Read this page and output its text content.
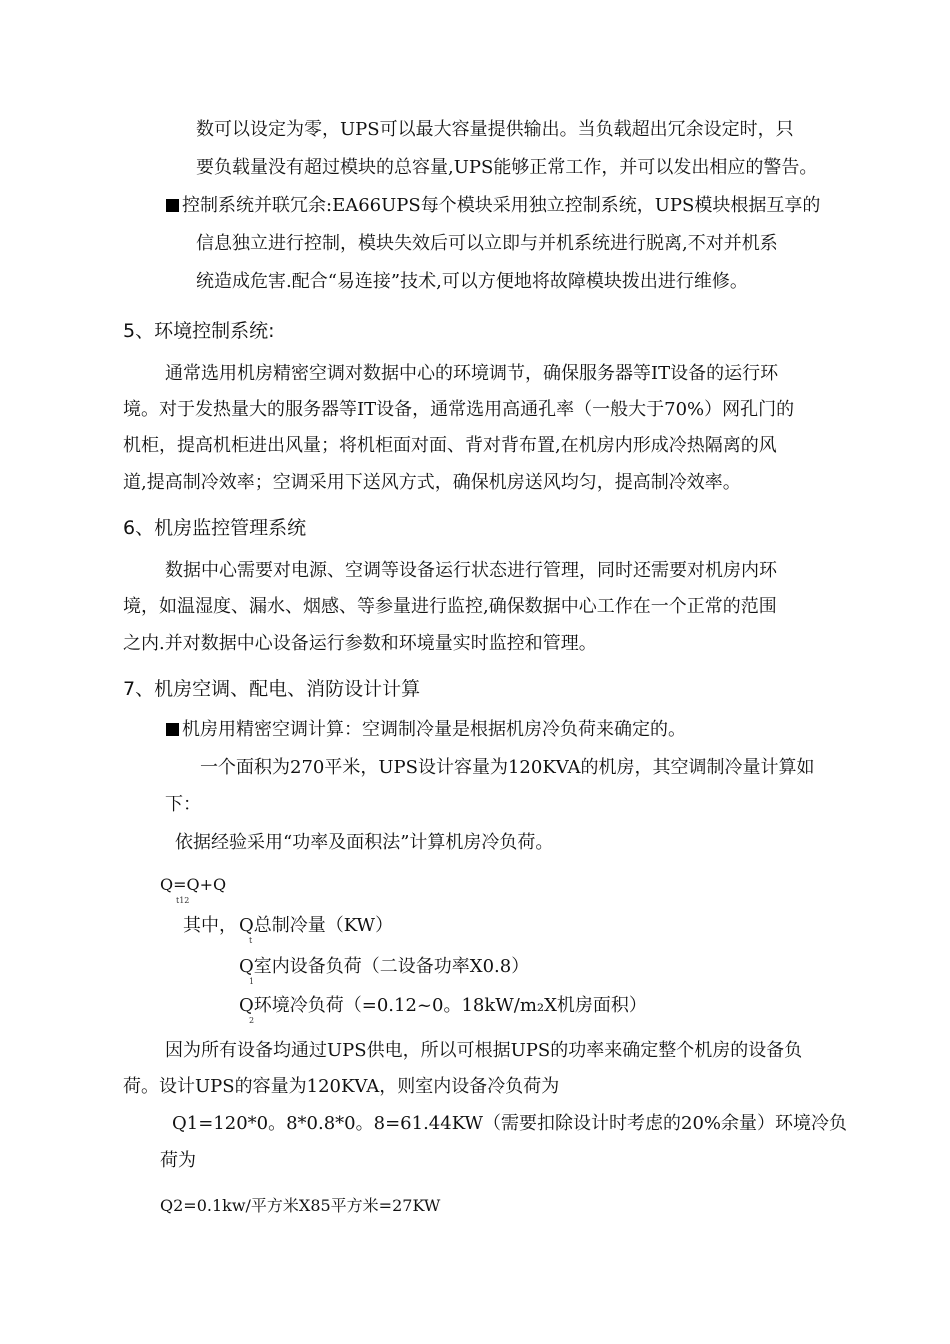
数可以设定为零，UPS可以最大容量提供输出。当负载超出冗余设定时，只
要负载量没有超过模块的总容量,UPS能够正常工作，并可以发出相应的警告。
控制系统并联冗余:EA66UPS每个模块采用独立控制系统，UPS模块根据互享的
信息独立进行控制，模块失效后可以立即与并机系统进行脱离,不对并机系
统造成危害.配合“易连接”技术,可以方便地将故障模块拨出进行维修。
5、环境控制系统:
通常选用机房精密空调对数据中心的环境调节，确保服务器等IT设备的运行环
境。对于发热量大的服务器等IT设备，通常选用高通孔率（一般大于70%）网孔门的
机柜，提高机柜进出风量；将机柜面对面、背对背布置,在机房内形成冷热隔离的风
道,提高制冷效率；空调采用下送风方式，确保机房送风均匀，提高制冷效率。
6、机房监控管理系统
数据中心需要对电源、空调等设备运行状态进行管理，同时还需要对机房内环
境，如温湿度、漏水、烟感、等参量进行监控,确保数据中心工作在一个正常的范围
之内.并对数据中心设备运行参数和环境量实时监控和管理。
7、机房空调、配电、消防设计计算
机房用精密空调计算：空调制冷量是根据机房冷负荷来确定的。
一个面积为270平米，UPS设计容量为120KVA的机房，其空调制冷量计算如
下：
依据经验采用“功率及面积法”计算机房冷负荷。
Q=Q+Q
t12
其中， Q总制冷量（KW）
t
Q室内设备负荷（二设备功率X0.8）
1
Q环境冷负荷（=0.12~0。18kW/m₂X机房面积）
2
因为所有设备均通过UPS供电，所以可根据UPS的功率来确定整个机房的设备负
荷。设计UPS的容量为120KVA，则室内设备冷负荷为
Q1=120*0。8*0.8*0。8=61.44KW（需要扣除设计时考虑的20%余量）环境冷负
荷为
Q2=0.1kw/平方米X85平方米=27KW
